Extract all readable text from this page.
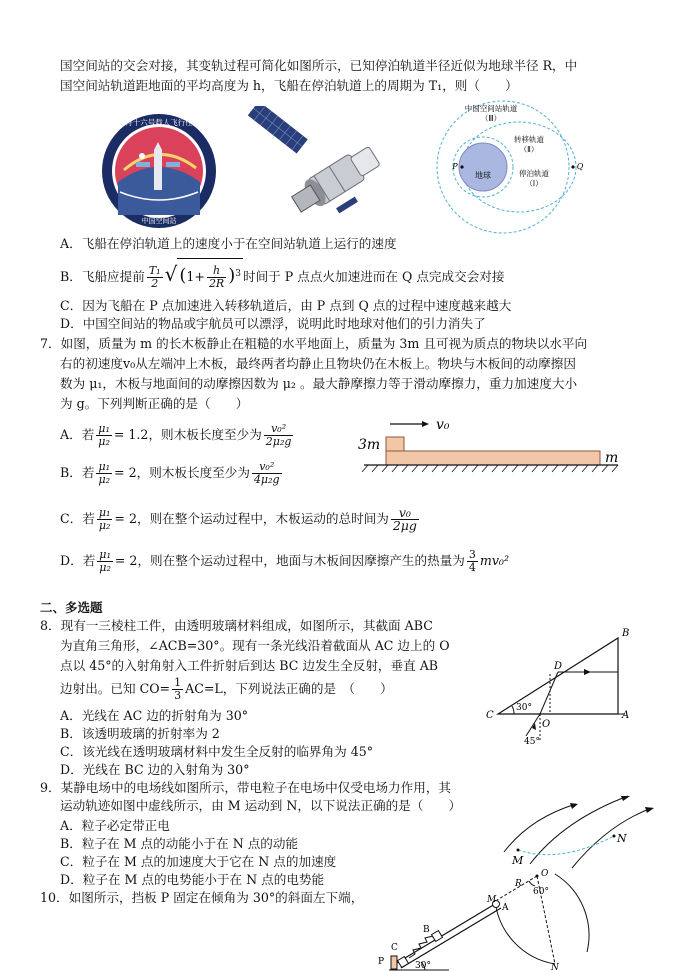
国空间站的交会对接，其变轨过程可简化如图所示，已知停泊轨道半径近似为地球半径 R，中
国空间站轨道距地面的平均高度为 h，飞船在停泊轨道上的周期为 T₁，则（　　）
神舟十六号载人飞行任务
中国空间站
中国空间站轨道
（Ⅲ）
转移轨道
（Ⅱ）
停泊轨道
（Ⅰ）
地球
P	Q
A．飞船在停泊轨道上的速度小于在空间站轨道上运行的速度
B．飞船应提前 $\frac{\text{T₁}}{2}$ √ $(1+ \frac{h}{2R} )^3$ 时间于 P 点点火加速进而在 Q 点完成交会对接
C．因为飞船在 P 点加速进入转移轨道后，由 P 点到 Q 点的过程中速度越来越大
D．中国空间站的物品或宇航员可以漂浮，说明此时地球对他们的引力消失了
7．如图，质量为 m 的长木板静止在粗糙的水平地面上，质量为 3m 且可视为质点的物块以水平向
右的初速度v₀从左端冲上木板，最终两者均静止且物块仍在木板上。物块与木板间的动摩擦因
数为 μ₁，木板与地面间的动摩擦因数为 μ₂ 。最大静摩擦力等于滑动摩擦力，重力加速度大小
为 g。下列判断正确的是（　　）
A．若 $\frac{\text{μ₁}}{\text{μ₂}} = 1.2$，则木板长度至少为 $\frac{\text{v₀²}}{\text{2μ₂g}}$
B．若 $\frac{\text{μ₁}}{\text{μ₂}} = 2$，则木板长度至少为 $\frac{\text{v₀²}}{\text{4μ₂g}}$
C．若 $\frac{\text{μ₁}}{\text{μ₂}} = 2$，则在整个运动过程中，木板运动的总时间为 $\frac{\text{v₀}}{2\mu g}$
D．若 $\frac{\text{μ₁}}{\text{μ₂}} = 2$，则在整个运动过程中，地面与木板间因摩擦产生的热量为 $\frac{3}{4} mv_0^2$
v₀
3m
m
二、多选题
8．现有一三棱柱工件，由透明玻璃材料组成，如图所示，其截面 ABC
为直角三角形，∠ACB=30°。现有一条光线沿着截面从 AC 边上的 O
点以 45°的入射角射入工件折射后到达 BC 边发生全反射，垂直 AB
边射出。已知 $CO= \frac{1}{3} AC=L$，下列说法正确的是　（　　）
A．光线在 AC 边的折射角为 30°
B．该透明玻璃的折射率为 2
C．该光线在透明玻璃材料中发生全反射的临界角为 45°
D．光线在 BC 边的入射角为 30°
B
D
C
O
A
30°
45°
9．某静电场中的电场线如图所示，带电粒子在电场中仅受电场力作用，其
运动轨迹如图中虚线所示，由 M 运动到 N，以下说法正确的是（　　）
A．粒子必定带正电
B．粒子在 M 点的动能小于在 N 点的动能
C．粒子在 M 点的加速度大于它在 N 点的加速度
D．粒子在 M 点的电势能小于在 N 点的电势能
M
N
10．如图所示，挡板 P 固定在倾角为 30°的斜面左下端，	M
A
R
O
60°
N
B
C
P	30°
